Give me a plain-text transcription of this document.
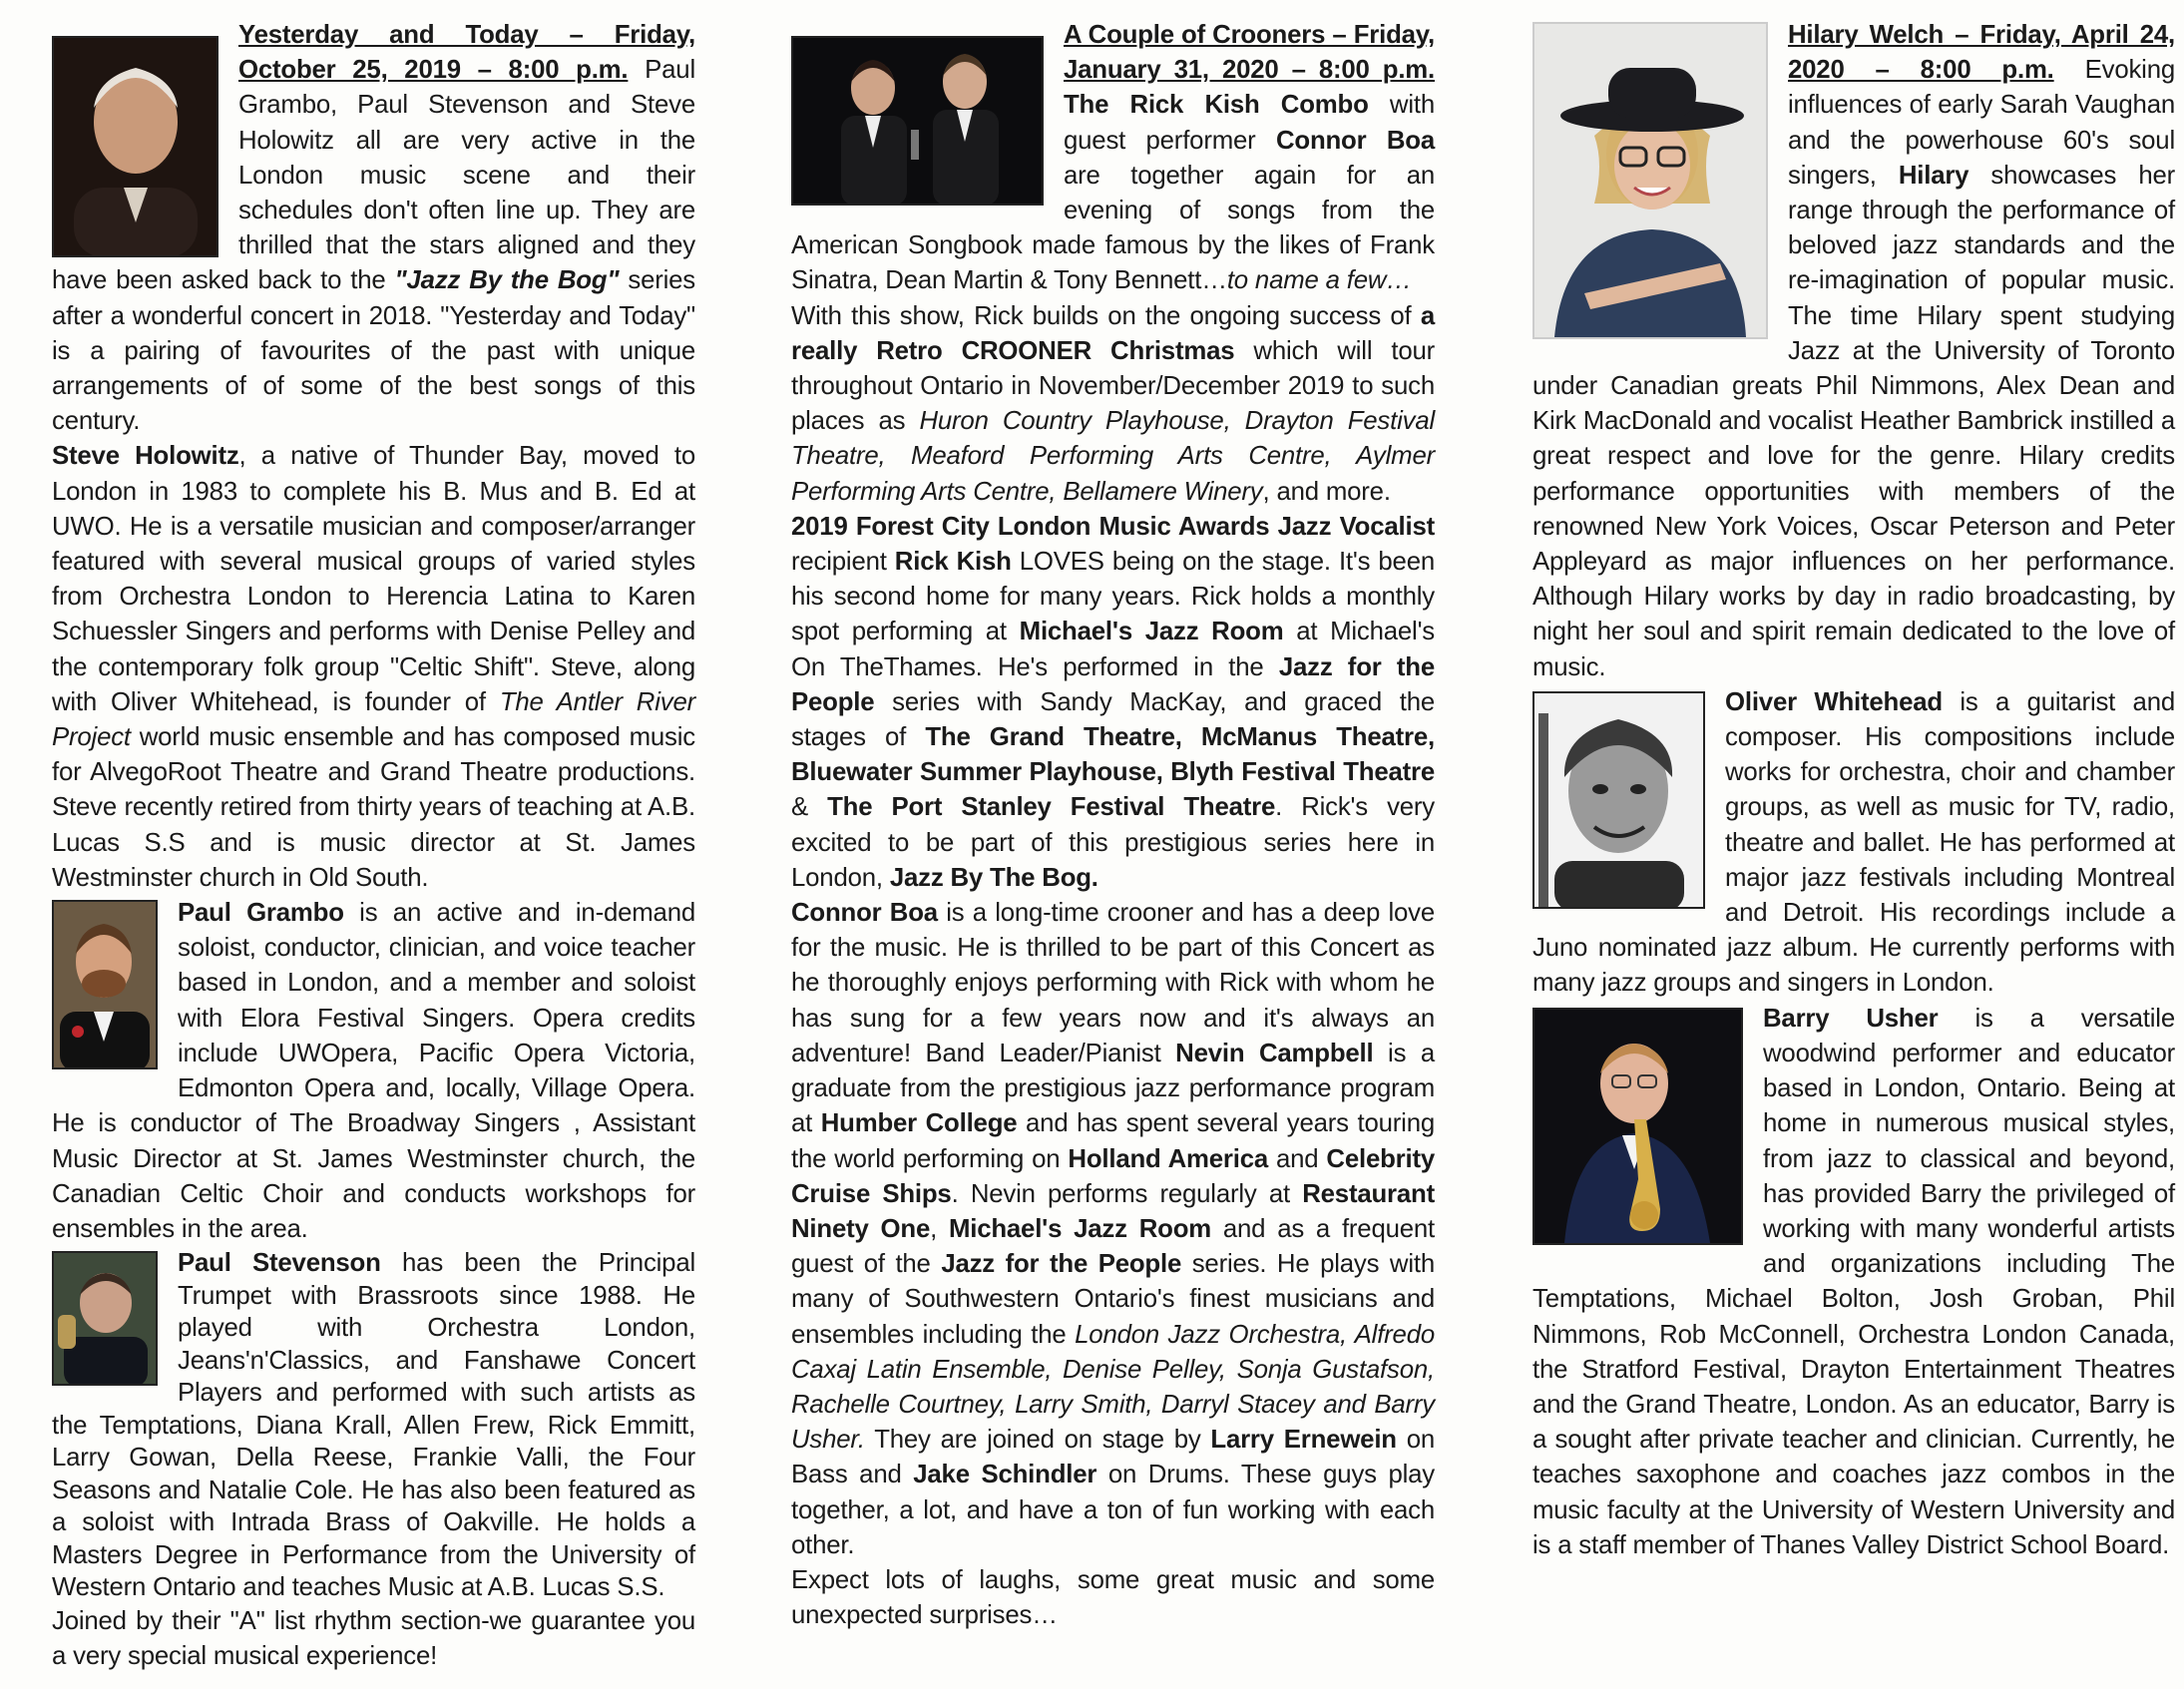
Yesterday and Today – Friday, October 25, 2019 – 8:00 p.m. Paul Grambo, Paul Stevenson and Steve Holowitz all are very active in the London music scene and their schedules don't often line up. They are thrilled that the stars aligned and they have been asked back to the "Jazz By the Bog" series after a wonderful concert in 2018. "Yesterday and Today" is a pairing of favourites of the past with unique arrangements of of some of the best songs of this century.

Steve Holowitz, a native of Thunder Bay, moved to London in 1983 to complete his B. Mus and B. Ed at UWO. He is a versatile musician and composer/arranger featured with several musical groups of varied styles from Orchestra London to Herencia Latina to Karen Schuessler Singers and performs with Denise Pelley and the contemporary folk group "Celtic Shift". Steve, along with Oliver Whitehead, is founder of The Antler River Project world music ensemble and has composed music for AlvegoRoot Theatre and Grand Theatre productions. Steve recently retired from thirty years of teaching at A.B. Lucas S.S and is music director at St. James Westminster church in Old South.

Paul Grambo is an active and in-demand soloist, conductor, clinician, and voice teacher based in London, and a member and soloist with Elora Festival Singers. Opera credits include UWOpera, Pacific Opera Victoria, Edmonton Opera and, locally, Village Opera. He is conductor of The Broadway Singers , Assistant Music Director at St. James Westminster church, the Canadian Celtic Choir and conducts workshops for ensembles in the area.

Paul Stevenson has been the Principal Trumpet with Brassroots since 1988. He played with Orchestra London, Jeans'n'Classics, and Fanshawe Concert Players and performed with such artists as the Temptations, Diana Krall, Allen Frew, Rick Emmitt, Larry Gowan, Della Reese, Frankie Valli, the Four Seasons and Natalie Cole. He has also been featured as a soloist with Intrada Brass of Oakville. He holds a Masters Degree in Performance from the University of Western Ontario and teaches Music at A.B. Lucas S.S.

Joined by their "A" list rhythm section-we guarantee you a very special musical experience!

A Couple of Crooners – Friday, January 31, 2020 – 8:00 p.m. The Rick Kish Combo with guest performer Connor Boa are together again for an evening of songs from the American Songbook made famous by the likes of Frank Sinatra, Dean Martin & Tony Bennett…to name a few…

With this show, Rick builds on the ongoing success of a really Retro CROONER Christmas which will tour throughout Ontario in November/December 2019 to such places as Huron Country Playhouse, Drayton Festival Theatre, Meaford Performing Arts Centre, Aylmer Performing Arts Centre, Bellamere Winery, and more.

2019 Forest City London Music Awards Jazz Vocalist recipient Rick Kish LOVES being on the stage. It's been his second home for many years. Rick holds a monthly spot performing at Michael's Jazz Room at Michael's On TheThames. He's performed in the Jazz for the People series with Sandy MacKay, and graced the stages of The Grand Theatre, McManus Theatre, Bluewater Summer Playhouse, Blyth Festival Theatre & The Port Stanley Festival Theatre. Rick's very excited to be part of this prestigious series here in London, Jazz By The Bog.

Connor Boa is a long-time crooner and has a deep love for the music. He is thrilled to be part of this Concert as he thoroughly enjoys performing with Rick with whom he has sung for a few years now and it's always an adventure! Band Leader/Pianist Nevin Campbell is a graduate from the prestigious jazz performance program at Humber College and has spent several years touring the world performing on Holland America and Celebrity Cruise Ships. Nevin performs regularly at Restaurant Ninety One, Michael's Jazz Room and as a frequent guest of the Jazz for the People series. He plays with many of Southwestern Ontario's finest musicians and ensembles including the London Jazz Orchestra, Alfredo Caxaj Latin Ensemble, Denise Pelley, Sonja Gustafson, Rachelle Courtney, Larry Smith, Darryl Stacey and Barry Usher. They are joined on stage by Larry Ernewein on Bass and Jake Schindler on Drums. These guys play together, a lot, and have a ton of fun working with each other.

Expect lots of laughs, some great music and some unexpected surprises…

Hilary Welch – Friday, April 24, 2020 – 8:00 p.m. Evoking influences of early Sarah Vaughan and the powerhouse 60's soul singers, Hilary showcases her range through the performance of beloved jazz standards and the re-imagination of popular music. The time Hilary spent studying Jazz at the University of Toronto under Canadian greats Phil Nimmons, Alex Dean and Kirk MacDonald and vocalist Heather Bambrick instilled a great respect and love for the genre. Hilary credits performance opportunities with members of the renowned New York Voices, Oscar Peterson and Peter Appleyard as major influences on her performance. Although Hilary works by day in radio broadcasting, by night her soul and spirit remain dedicated to the love of music.

Oliver Whitehead is a guitarist and composer. His compositions include works for orchestra, choir and chamber groups, as well as music for TV, radio, theatre and ballet. He has performed at major jazz festivals including Montreal and Detroit. His recordings include a Juno nominated jazz album. He currently performs with many jazz groups and singers in London.

Barry Usher is a versatile woodwind performer and educator based in London, Ontario. Being at home in numerous musical styles, from jazz to classical and beyond, has provided Barry the privileged of working with many wonderful artists and organizations including The Temptations, Michael Bolton, Josh Groban, Phil Nimmons, Rob McConnell, Orchestra London Canada, the Stratford Festival, Drayton Entertainment Theatres and the Grand Theatre, London. As an educator, Barry is a sought after private teacher and clinician. Currently, he teaches saxophone and coaches jazz combos in the music faculty at the University of Western University and is a staff member of Thanes Valley District School Board.
